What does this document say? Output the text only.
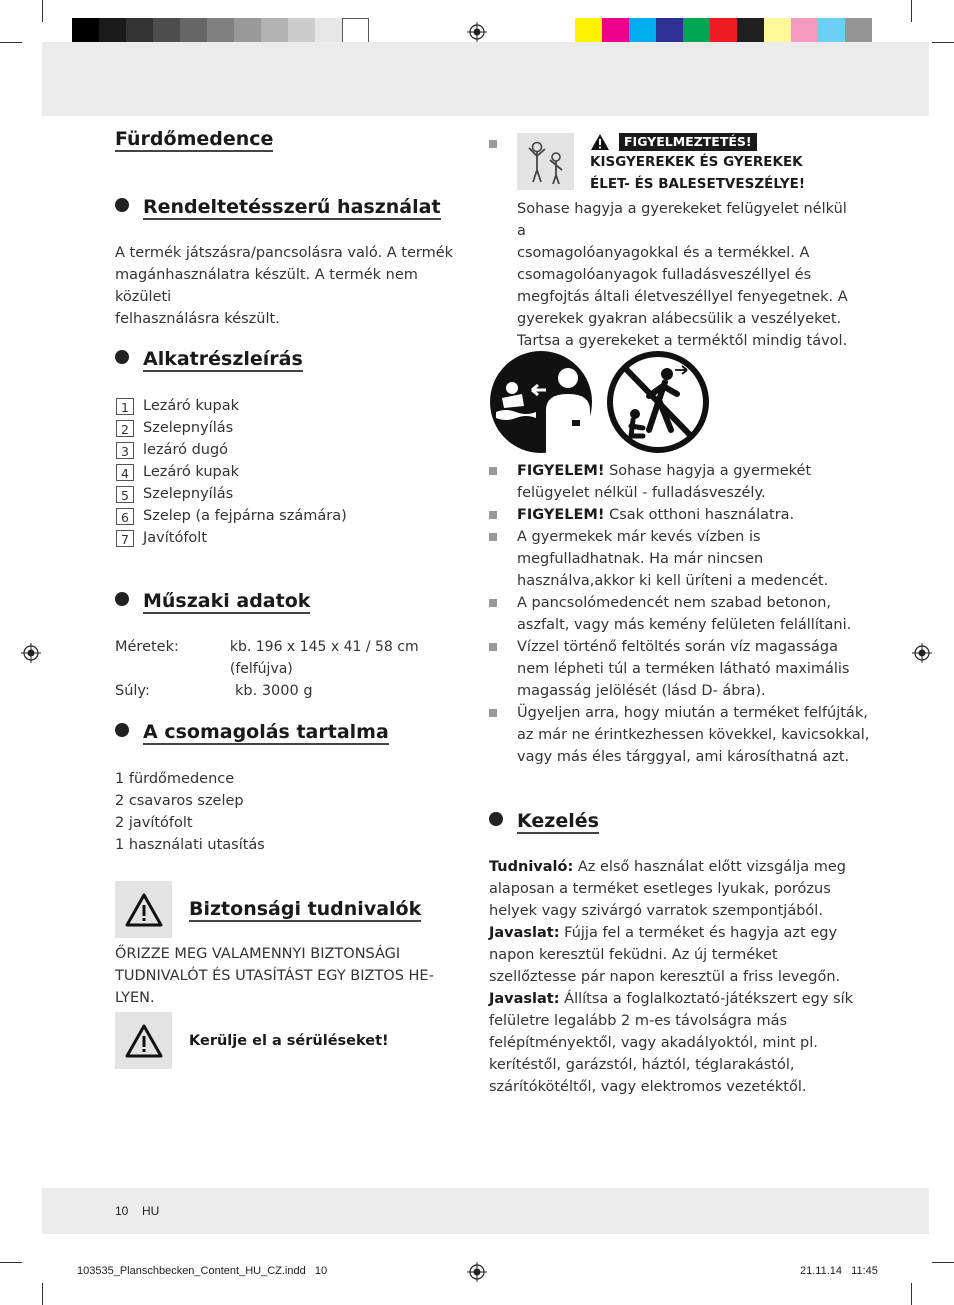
Fürdőmedence
Rendeltetésszerű használat
A termék játszásra/pancsolásra való. A termék
magánhasználatra készült. A termék nem közületi
felhasználásra készült.
Alkatrészleírás
1 Lezáró kupak
2 Szelepnyílás
3 lezáró dugó
4 Lezáró kupak
5 Szelepnyílás
6 Szelep (a fejpárna számára)
7 Javítófolt
Műszaki adatok
Méretek:	kb. 196 x 145 x 41 / 58 cm (felfújva)
Súly:	kb. 3000 g
A csomagolás tartalma
1 fürdőmedence
2 csavaros szelep
2 javítófolt
1 használati utasítás
Biztonsági tudnivalók
ŐRIZZE MEG VALAMENNYI BIZTONSÁGI
TUDNIVALÓT ÉS UTASÍTÁST EGY BIZTOS HE-
LYEN.
Kerülje el a sérüléseket!
FIGYELMEZTETÉS!
KISGYEREKEK ÉS GYEREKEK
ÉLET- ÉS BALESETVESZÉLYE!
Sohase hagyja a gyerekeket felügyelet nélkül a
csomagolóanyagokkal és a termékkel. A
csomagolóanyagok fulladásveszéllyel és
megfojtás általi életveszéllyel fenyegetnek. A
gyerekek gyakran alábecsülik a veszélyeket.
Tartsa a gyerekeket a terméktől mindig távol.
FIGYELEM! Sohase hagyja a gyermekét
felügyelet nélkül - fulladásveszély.
FIGYELEM! Csak otthoni használatra.
A gyermekek már kevés vízben is
megfulladhatnak. Ha már nincsen
használva,akkor ki kell üríteni a medencét.
A pancsolómedencét nem szabad betonon,
aszfalt, vagy más kemény felületen felállítani.
Vízzel történő feltöltés során víz magassága
nem lépheti túl a terméken látható maximális
magasság jelölését (lásd D- ábra).
Ügyeljen arra, hogy miután a terméket felfújták,
az már ne érintkezhessen kövekkel, kavicsokkal,
vagy más éles tárggyal, ami károsíthatná azt.
Kezelés
Tudnivaló: Az első használat előtt vizsgálja meg
alaposan a terméket esetleges lyukak, porózus
helyek vagy szivárgó varratok szempontjából.
Javaslat: Fújja fel a terméket és hagyja azt egy
napon keresztül feküdni. Az új terméket
szellőztesse pár napon keresztül a friss levegőn.
Javaslat: Állítsa a foglalkoztató-játékszert egy sík
felületre legalább 2 m-es távolságra más
felépítményektől, vagy akadályoktól, mint pl.
kerítéstől, garázstól, háztól, téglarakástól,
szárítókötéltől, vagy elektromos vezetéktől.
10 HU
103535_Planschbecken_Content_HU_CZ.indd   10	21.11.14   11:45
